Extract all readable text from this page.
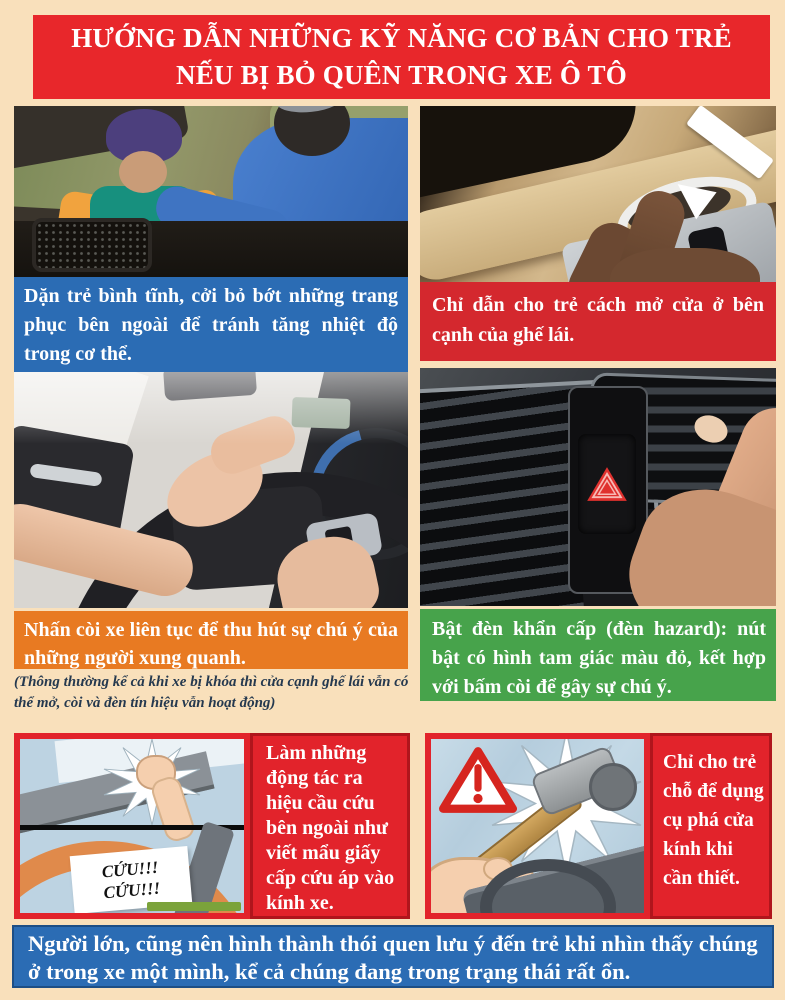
HƯỚNG DẪN NHỮNG KỸ NĂNG CƠ BẢN CHO TRẺ
NẾU BỊ BỎ QUÊN TRONG XE Ô TÔ
Dặn trẻ bình tĩnh, cởi bỏ bớt những trang phục bên ngoài để tránh tăng nhiệt độ trong cơ thể.
Chỉ dẫn cho trẻ cách mở cửa ở bên cạnh của ghế lái.
Nhấn còi xe liên tục để thu hút sự chú ý của những người xung quanh.
Bật đèn khẩn cấp (đèn hazard): nút bật có hình tam giác màu đỏ, kết hợp với bấm còi để gây sự chú ý.
(Thông thường kể cả khi xe bị khóa thì cửa cạnh ghế lái vẫn có thể mở, còi và đèn tín hiệu vẫn hoạt động)
CỨU!!!
CỨU!!!
Làm những động tác ra hiệu cầu cứu bên ngoài như viết mẩu giấy cấp cứu áp vào kính xe.
Chỉ cho trẻ chỗ để dụng cụ phá cửa kính khi cần thiết.
Người lớn, cũng nên hình thành thói quen lưu ý đến trẻ khi nhìn thấy chúng ở trong xe một mình, kể cả chúng đang trong trạng thái rất ổn.
